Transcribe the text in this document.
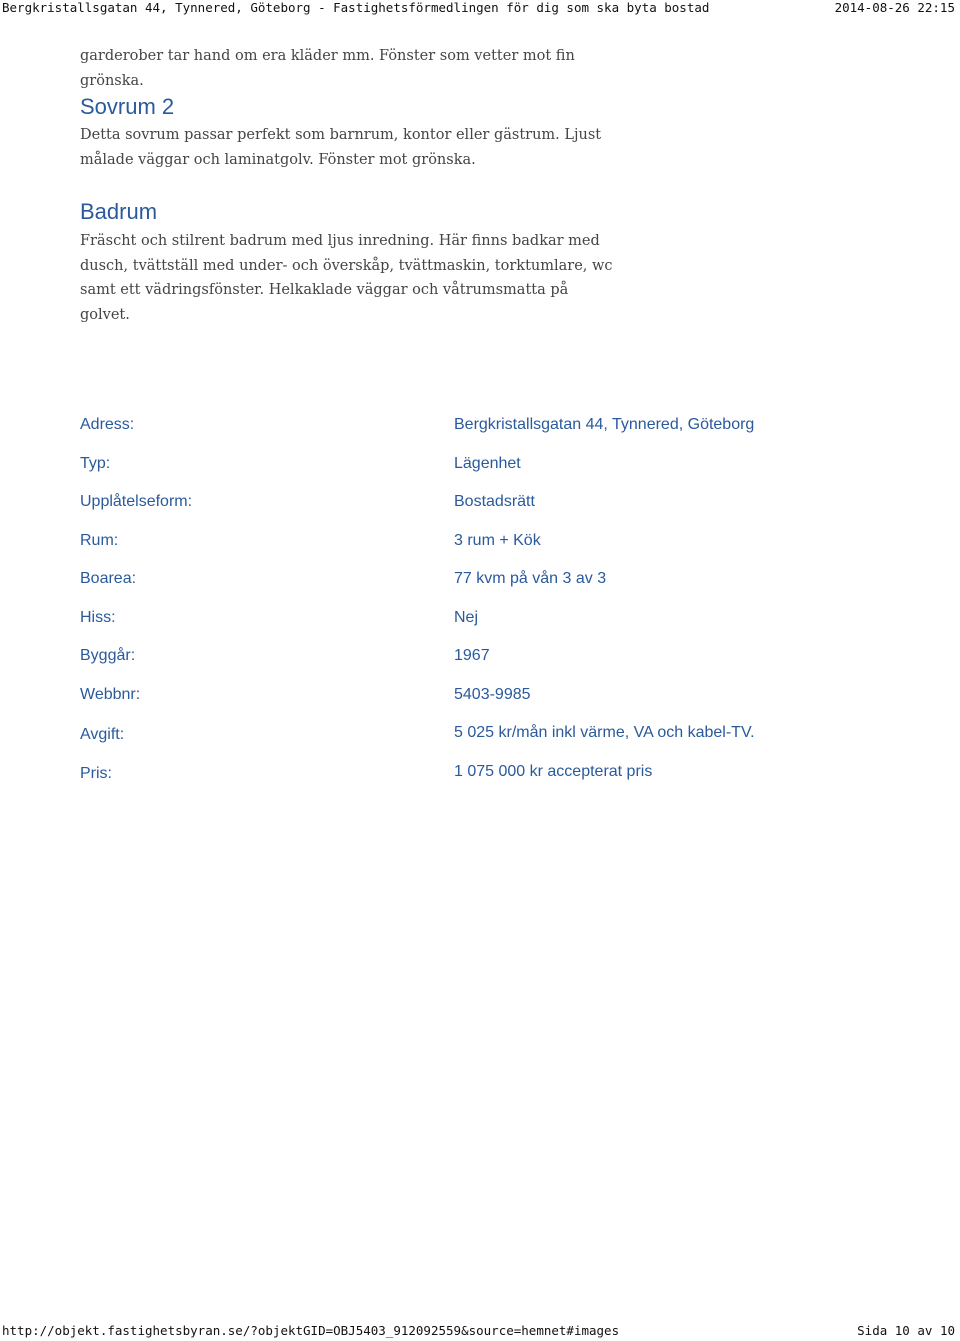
Bergkristallsgatan 44, Tynnered, Göteborg - Fastighetsförmedlingen för dig som ska byta bostad	2014-08-26 22:15

garderober tar hand om era kläder mm. Fönster som vetter mot fin grönska.

Sovrum 2

Detta sovrum passar perfekt som barnrum, kontor eller gästrum. Ljust målade väggar och laminatgolv. Fönster mot grönska.

Badrum

Fräscht och stilrent badrum med ljus inredning. Här finns badkar med dusch, tvättställ med under- och överskåp, tvättmaskin, torktumlare, wc samt ett vädringsfönster. Helkaklade väggar och våtrumsmatta på golvet.

Adress:	Bergkristallsgatan 44, Tynnered, Göteborg
Typ:	Lägenhet
Upplåtelseform:	Bostadsrätt
Rum:	3 rum + Kök
Boarea:	77 kvm på vån 3 av 3
Hiss:	Nej
Byggår:	1967
Webbnr:	5403-9985
Avgift:	5 025 kr/mån inkl värme, VA och kabel-TV.
Pris:	1 075 000 kr accepterat pris
http://objekt.fastighetsbyran.se/?objektGID=OBJ5403_912092559&source=hemnet#images	Sida 10 av 10
